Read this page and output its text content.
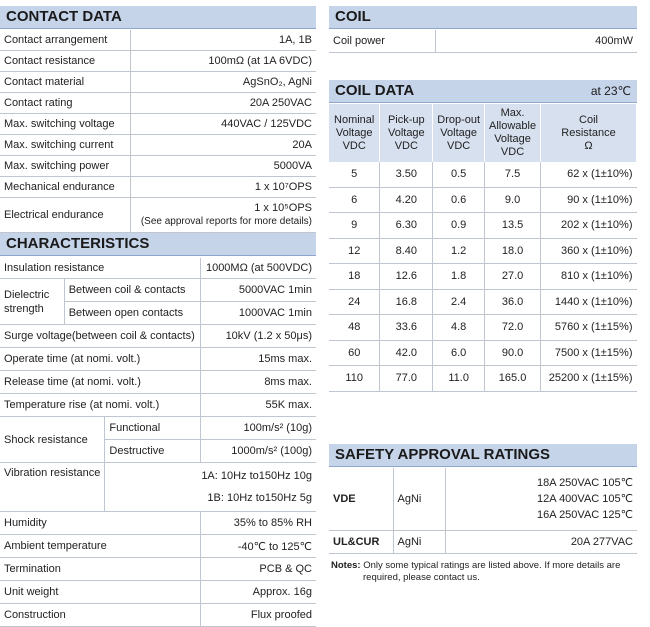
CONTACT DATA
Contact arrangement	1A, 1B
Contact resistance	100mΩ (at 1A 6VDC)
Contact material	AgSnO₂, AgNi
Contact rating	20A 250VAC
Max. switching voltage	440VAC / 125VDC
Max. switching current	20A
Max. switching power	5000VA
Mechanical endurance	1 x 10⁷OPS
Electrical endurance	1 x 10⁵OPS
(See approval reports for more details)
CHARACTERISTICS
Insulation resistance			1000MΩ (at 500VDC)
Dielectric
strength	Between coil & contacts		5000VAC 1min
	Between open contacts		1000VAC 1min
Surge voltage(between coil & contacts)			10kV (1.2 x 50μs)
Operate time (at nomi. volt.)			15ms max.
Release time (at nomi. volt.)			8ms max.
Temperature rise (at nomi. volt.)			55K max.
Shock resistance		Functional	100m/s² (10g)
		Destructive	1000m/s² (100g)
Vibration resistance		1A: 10Hz to150Hz 10g
1B: 10Hz to150Hz 5g	
Humidity			35% to 85% RH
Ambient temperature			-40℃ to 125℃
Termination			PCB & QC
Unit weight			Approx. 16g
Construction			Flux proofed
COIL
Coil power	400mW
COIL DATA	at 23℃
Nominal
Voltage
VDC	Pick-up
Voltage
VDC	Drop-out
Voltage
VDC	Max.
Allowable
Voltage
VDC	Coil
Resistance
Ω
5	3.50	0.5	7.5	62 x (1±10%)
6	4.20	0.6	9.0	90 x (1±10%)
9	6.30	0.9	13.5	202 x (1±10%)
12	8.40	1.2	18.0	360 x (1±10%)
18	12.6	1.8	27.0	810 x (1±10%)
24	16.8	2.4	36.0	1440 x (1±10%)
48	33.6	4.8	72.0	5760 x (1±15%)
60	42.0	6.0	90.0	7500 x (1±15%)
110	77.0	11.0	165.0	25200 x (1±15%)
SAFETY APPROVAL RATINGS
VDE	AgNi	18A 250VAC 105℃
12A 400VAC 105℃
16A 250VAC 125℃
UL&CUR	AgNi	20A 277VAC
Notes: Only some typical ratings are listed above. If more details are
required, please contact us.
